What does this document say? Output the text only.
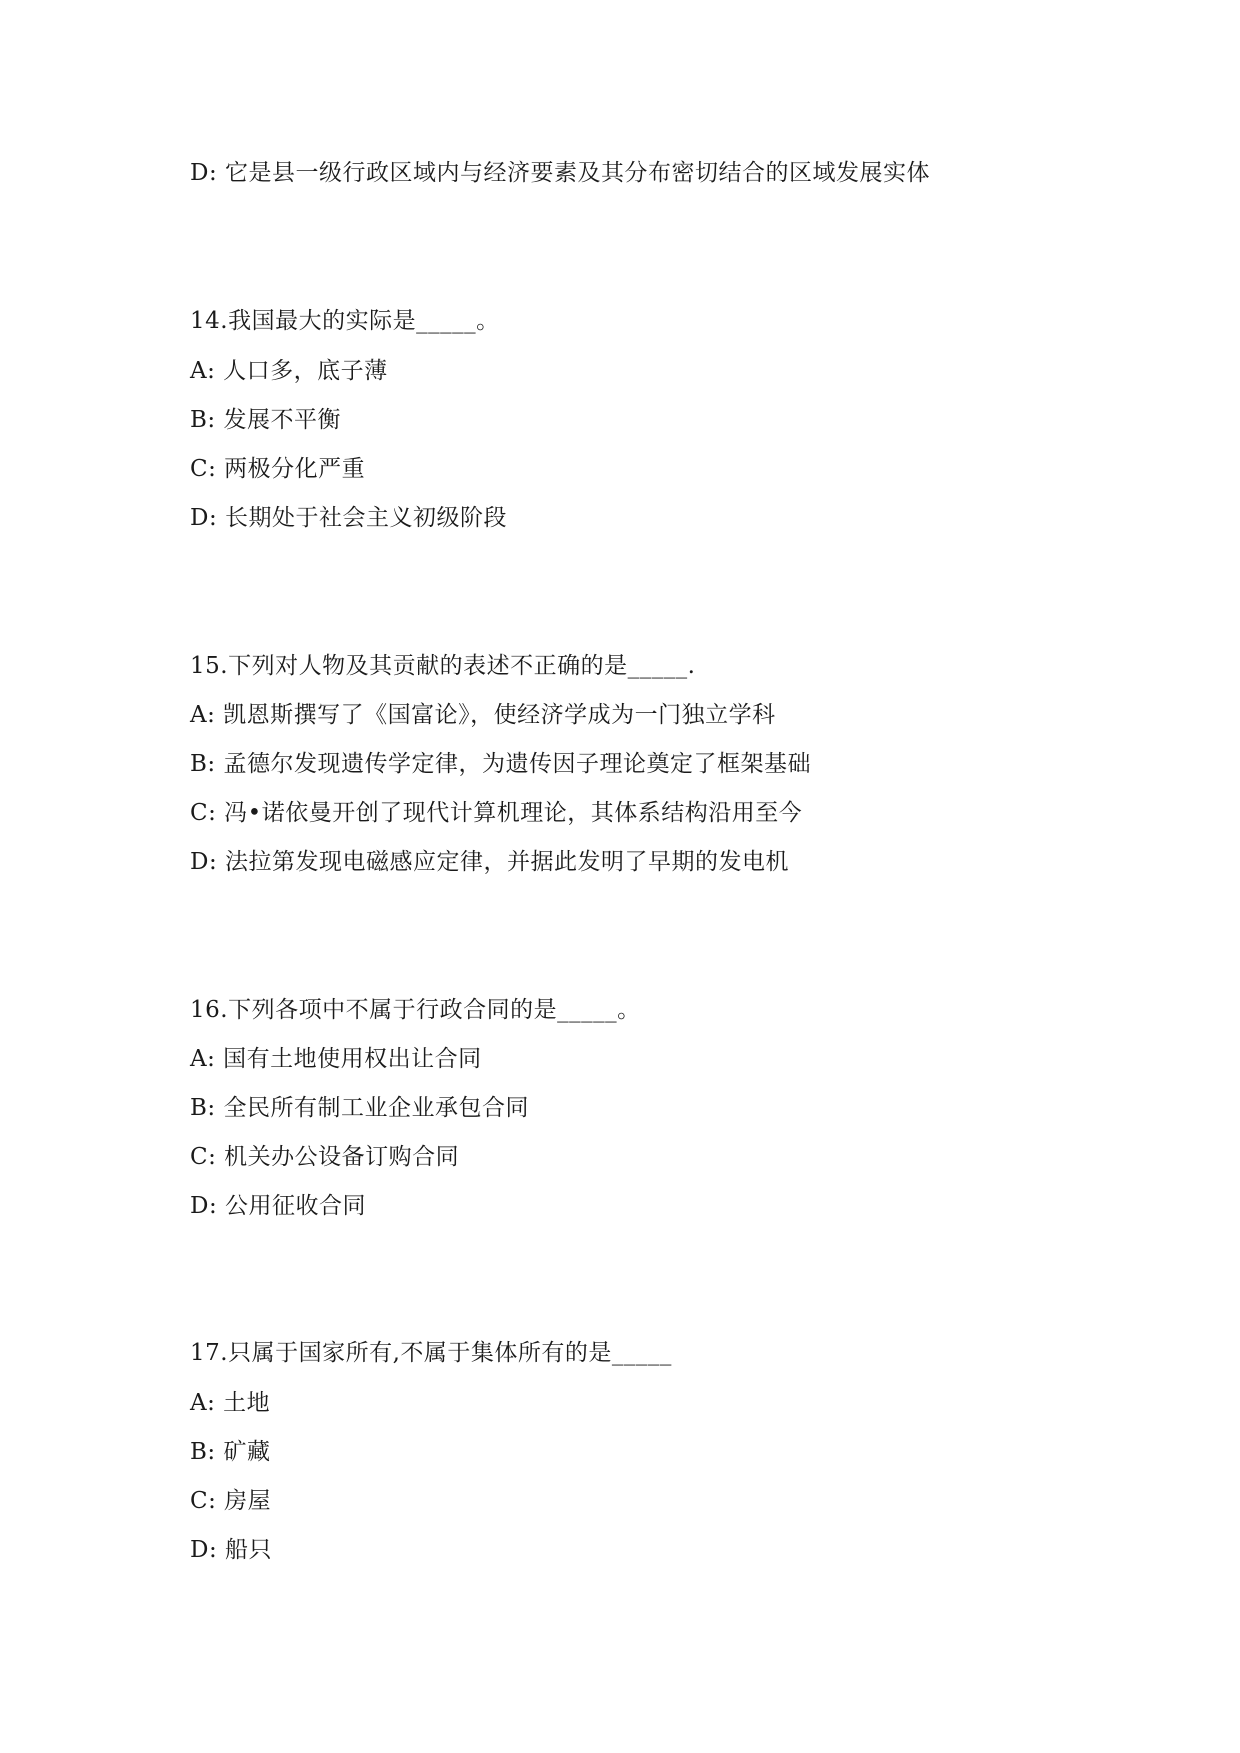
D: 它是县一级行政区域内与经济要素及其分布密切结合的区域发展实体
14.我国最大的实际是_____。
A: 人口多，底子薄
B: 发展不平衡
C: 两极分化严重
D: 长期处于社会主义初级阶段
15.下列对人物及其贡献的表述不正确的是_____.
A: 凯恩斯撰写了《国富论》，使经济学成为一门独立学科
B: 孟德尔发现遗传学定律，为遗传因子理论奠定了框架基础
C: 冯•诺依曼开创了现代计算机理论，其体系结构沿用至今
D: 法拉第发现电磁感应定律，并据此发明了早期的发电机
16.下列各项中不属于行政合同的是_____。
A: 国有土地使用权出让合同
B: 全民所有制工业企业承包合同
C: 机关办公设备订购合同
D: 公用征收合同
17.只属于国家所有,不属于集体所有的是_____
A: 土地
B: 矿藏
C: 房屋
D: 船只
